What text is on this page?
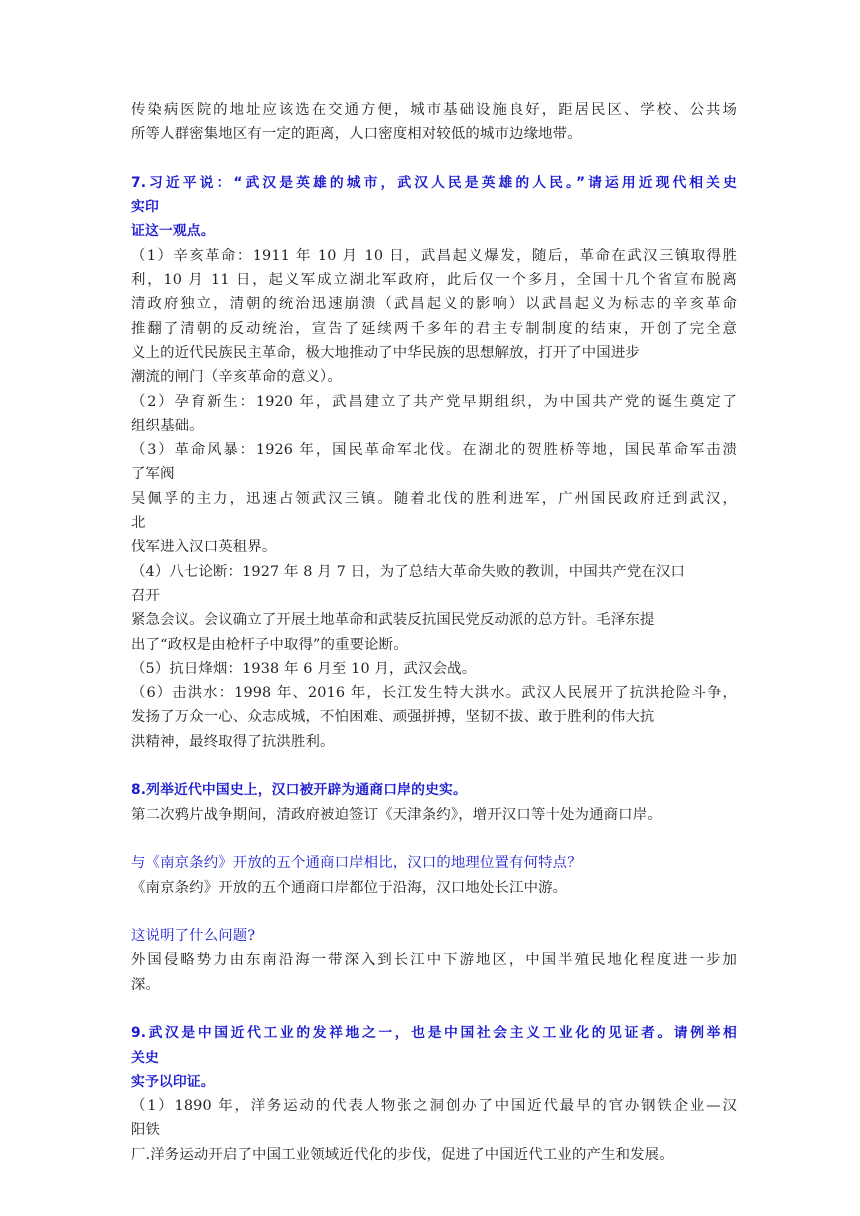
传染病医院的地址应该选在交通方便，城市基础设施良好，距居民区、学校、公共场
所等人群密集地区有一定的距离，人口密度相对较低的城市边缘地带。
7.习近平说：“武汉是英雄的城市，武汉人民是英雄的人民。”请运用近现代相关史
实印
证这一观点。
（1）辛亥革命：1911 年 10 月 10 日，武昌起义爆发，随后，革命在武汉三镇取得胜
利，10 月 11 日，起义军成立湖北军政府，此后仅一个多月，全国十几个省宣布脱离
清政府独立，清朝的统治迅速崩溃（武昌起义的影响）以武昌起义为标志的辛亥革命
推翻了清朝的反动统治，宣告了延续两千多年的君主专制制度的结束，开创了完全意
义上的近代民族民主革命，极大地推动了中华民族的思想解放，打开了中国进步
潮流的闸门（辛亥革命的意义）。
（2）孕育新生：1920 年，武昌建立了共产党早期组织，为中国共产党的诞生奠定了
组织基础。
（3）革命风暴：1926 年，国民革命军北伐。在湖北的贺胜桥等地，国民革命军击溃
了军阀
吴佩孚的主力，迅速占领武汉三镇。随着北伐的胜利进军，广州国民政府迁到武汉，
北
伐军进入汉口英租界。
（4）八七论断：1927 年 8 月 7 日，为了总结大革命失败的教训，中国共产党在汉口
召开
紧急会议。会议确立了开展土地革命和武装反抗国民党反动派的总方针。毛泽东提
出了“政权是由枪杆子中取得”的重要论断。
（5）抗日烽烟：1938 年 6 月至 10 月，武汉会战。
（6）击洪水：1998 年、2016 年，长江发生特大洪水。武汉人民展开了抗洪抢险斗争，
发扬了万众一心、众志成城，不怕困难、顽强拼搏，坚韧不拔、敢于胜利的伟大抗
洪精神，最终取得了抗洪胜利。
8.列举近代中国史上，汉口被开辟为通商口岸的史实。
第二次鸦片战争期间，清政府被迫签订《天津条约》，增开汉口等十处为通商口岸。
与《南京条约》开放的五个通商口岸相比，汉口的地理位置有何特点？
《南京条约》开放的五个通商口岸都位于沿海，汉口地处长江中游。
这说明了什么问题?
外国侵略势力由东南沿海一带深入到长江中下游地区，中国半殖民地化程度进一步加
深。
9.武汉是中国近代工业的发祥地之一，也是中国社会主义工业化的见证者。请例举相
关史
实予以印证。
（1）1890 年，洋务运动的代表人物张之洞创办了中国近代最早的官办钢铁企业—汉
阳铁
厂.洋务运动开启了中国工业领域近代化的步伐，促进了中国近代工业的产生和发展。
